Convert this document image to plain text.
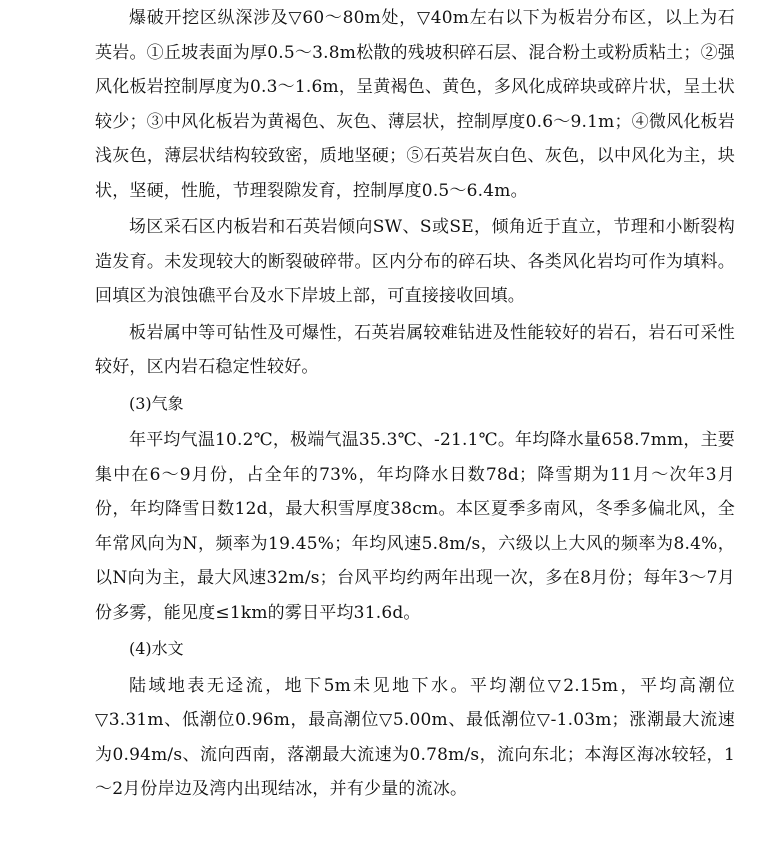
爆破开挖区纵深涉及▽60～80m处，▽40m左右以下为板岩分布区，以上为石英岩。①丘坡表面为厚0.5～3.8m松散的残坡积碎石层、混合粉土或粉质粘土；②强风化板岩控制厚度为0.3～1.6m，呈黄褐色、黄色，多风化成碎块或碎片状，呈土状较少；③中风化板岩为黄褐色、灰色、薄层状，控制厚度0.6～9.1m；④微风化板岩浅灰色，薄层状结构较致密，质地坚硬；⑤石英岩灰白色、灰色，以中风化为主，块状，坚硬，性脆，节理裂隙发育，控制厚度0.5～6.4m。

场区采石区内板岩和石英岩倾向SW、S或SE，倾角近于直立，节理和小断裂构造发育。未发现较大的断裂破碎带。区内分布的碎石块、各类风化岩均可作为填料。回填区为浪蚀礁平台及水下岸坡上部，可直接接收回填。

板岩属中等可钻性及可爆性，石英岩属较难钻进及性能较好的岩石，岩石可采性较好，区内岩石稳定性较好。

(3)气象

年平均气温10.2℃，极端气温35.3℃、-21.1℃。年均降水量658.7mm，主要集中在6～9月份，占全年的73%，年均降水日数78d；降雪期为11月～次年3月份，年均降雪日数12d，最大积雪厚度38cm。本区夏季多南风，冬季多偏北风，全年常风向为N，频率为19.45%；年均风速5.8m/s，六级以上大风的频率为8.4%，以N向为主，最大风速32m/s；台风平均约两年出现一次，多在8月份；每年3～7月份多雾，能见度≤1km的雾日平均31.6d。

(4)水文

陆域地表无迳流，地下5m未见地下水。平均潮位▽2.15m，平均高潮位▽3.31m、低潮位0.96m，最高潮位▽5.00m、最低潮位▽-1.03m；涨潮最大流速为0.94m/s、流向西南，落潮最大流速为0.78m/s，流向东北；本海区海冰较轻，1～2月份岸边及湾内出现结冰，并有少量的流冰。
